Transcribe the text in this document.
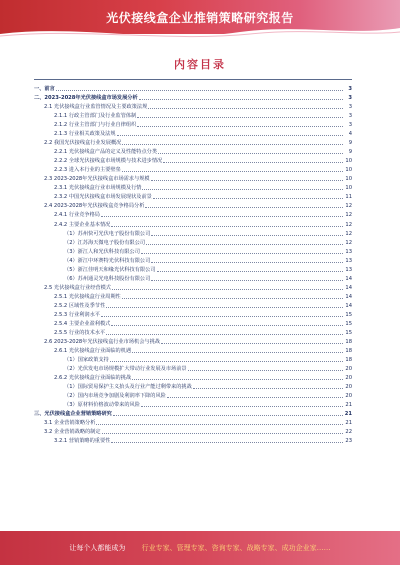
光伏接线盒企业推销策略研究报告
内容目录
一、前言	3
二、2023-2028年光伏接线盒市场发展分析	3
2.1 光伏接线盒行业监管情况及主要政策法规	3
2.1.1 行政主管部门及行业监管体制	3
2.1.2 行业主管部门与行业自律组织	3
2.1.3 行业相关政策及法规	4
2.2 我国光伏接线盒行业发展概况	9
2.2.1 光伏接线盒产品的定义及性能特点分类	9
2.2.2 全球光伏接线盒市场规模与技术进步情况	10
2.2.3 进入本行业的主要壁垒	10
2.3 2023-2028年光伏接线盒市场需求与规模	10
2.3.1 光伏接线盒行业市场规模及行情	10
2.3.2 中国光伏接线盒市场发展现状及前景	11
2.4 2023-2028年光伏接线盒竞争格局分析	12
2.4.1 行业竞争格局	12
2.4.2 主要企业基本情况	12
（1）苏州快可光伏电子股份有限公司	12
（2）江苏海天微电子股份有限公司	12
（3）浙江人和光伏科技有限公司	13
（4）浙江中环赛特光伏科技有限公司	13
（5）浙江佳明天和缘光伏科技有限公司	13
（6）苏州通灵光电科技股份有限公司	14
2.5 光伏接线盒行业经营模式	14
2.5.1 光伏接线盒行业周期性	14
2.5.2 区域性及季节性	14
2.5.3 行业利润水平	15
2.5.4 主要企业盈利模式	15
2.5.5 行业的技术水平	15
2.6 2023-2028年光伏接线盒行业市场机会与挑战	18
2.6.1 光伏接线盒行业面临的机遇	18
（1）国家政策支持	18
（2）光伏发电市场规模扩大带动行业发展及市场前景	20
2.6.2 光伏接线盒行业面临的挑战	20
（1）国际贸易保护主义抬头及行业产能过剩带来的挑战	20
（2）国内市场竞争加剧及利润率下降的风险	20
（3）原材料价格波动带来的风险	21
三、光伏接线盒企业营销策略研究	21
3.1 企业营销策略分析	21
3.2 企业营销战略的制定	22
3.2.1 营销策略的重要性	23
让每个人都能成为 行业专家、管理专家、咨询专家、战略专家、成功企业家……
